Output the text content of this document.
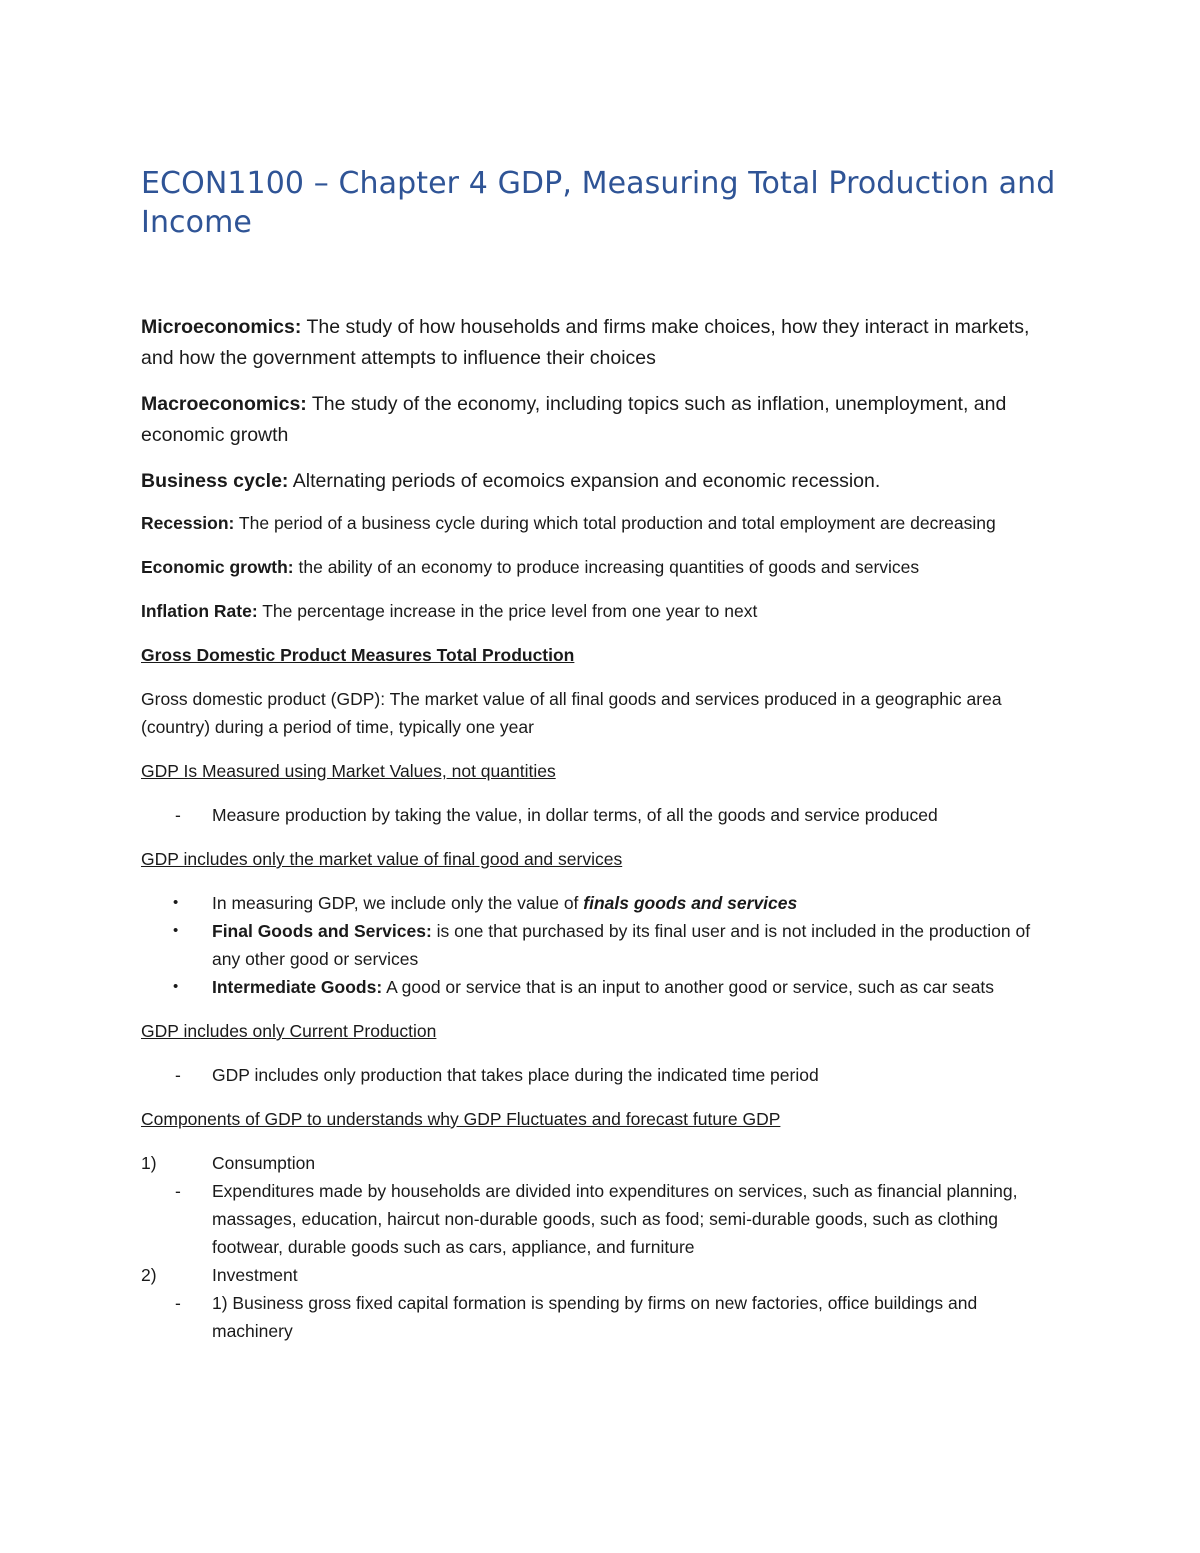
ECON1100 – Chapter 4 GDP, Measuring Total Production and Income

Microeconomics: The study of how households and firms make choices, how they interact in markets, and how the government attempts to influence their choices

Macroeconomics: The study of the economy, including topics such as inflation, unemployment, and economic growth

Business cycle: Alternating periods of ecomoics expansion and economic recession.

Recession: The period of a business cycle during which total production and total employment are decreasing

Economic growth: the ability of an economy to produce increasing quantities of goods and services

Inflation Rate: The percentage increase in the price level from one year to next

Gross Domestic Product Measures Total Production

Gross domestic product (GDP): The market value of all final goods and services produced in a geographic area (country) during a period of time, typically one year

GDP Is Measured using Market Values, not quantities

- Measure production by taking the value, in dollar terms, of all the goods and service produced

GDP includes only the market value of final good and services

• In measuring GDP, we include only the value of finals goods and services
• Final Goods and Services: is one that purchased by its final user and is not included in the production of any other good or services
• Intermediate Goods: A good or service that is an input to another good or service, such as car seats

GDP includes only Current Production

- GDP includes only production that takes place during the indicated time period

Components of GDP to understands why GDP Fluctuates and forecast future GDP

1)	Consumption
- Expenditures made by households are divided into expenditures on services, such as financial planning, massages, education, haircut non-durable goods, such as food; semi-durable goods, such as clothing footwear, durable goods such as cars, appliance, and furniture
2)	Investment
- 1) Business gross fixed capital formation is spending by firms on new factories, office buildings and machinery
